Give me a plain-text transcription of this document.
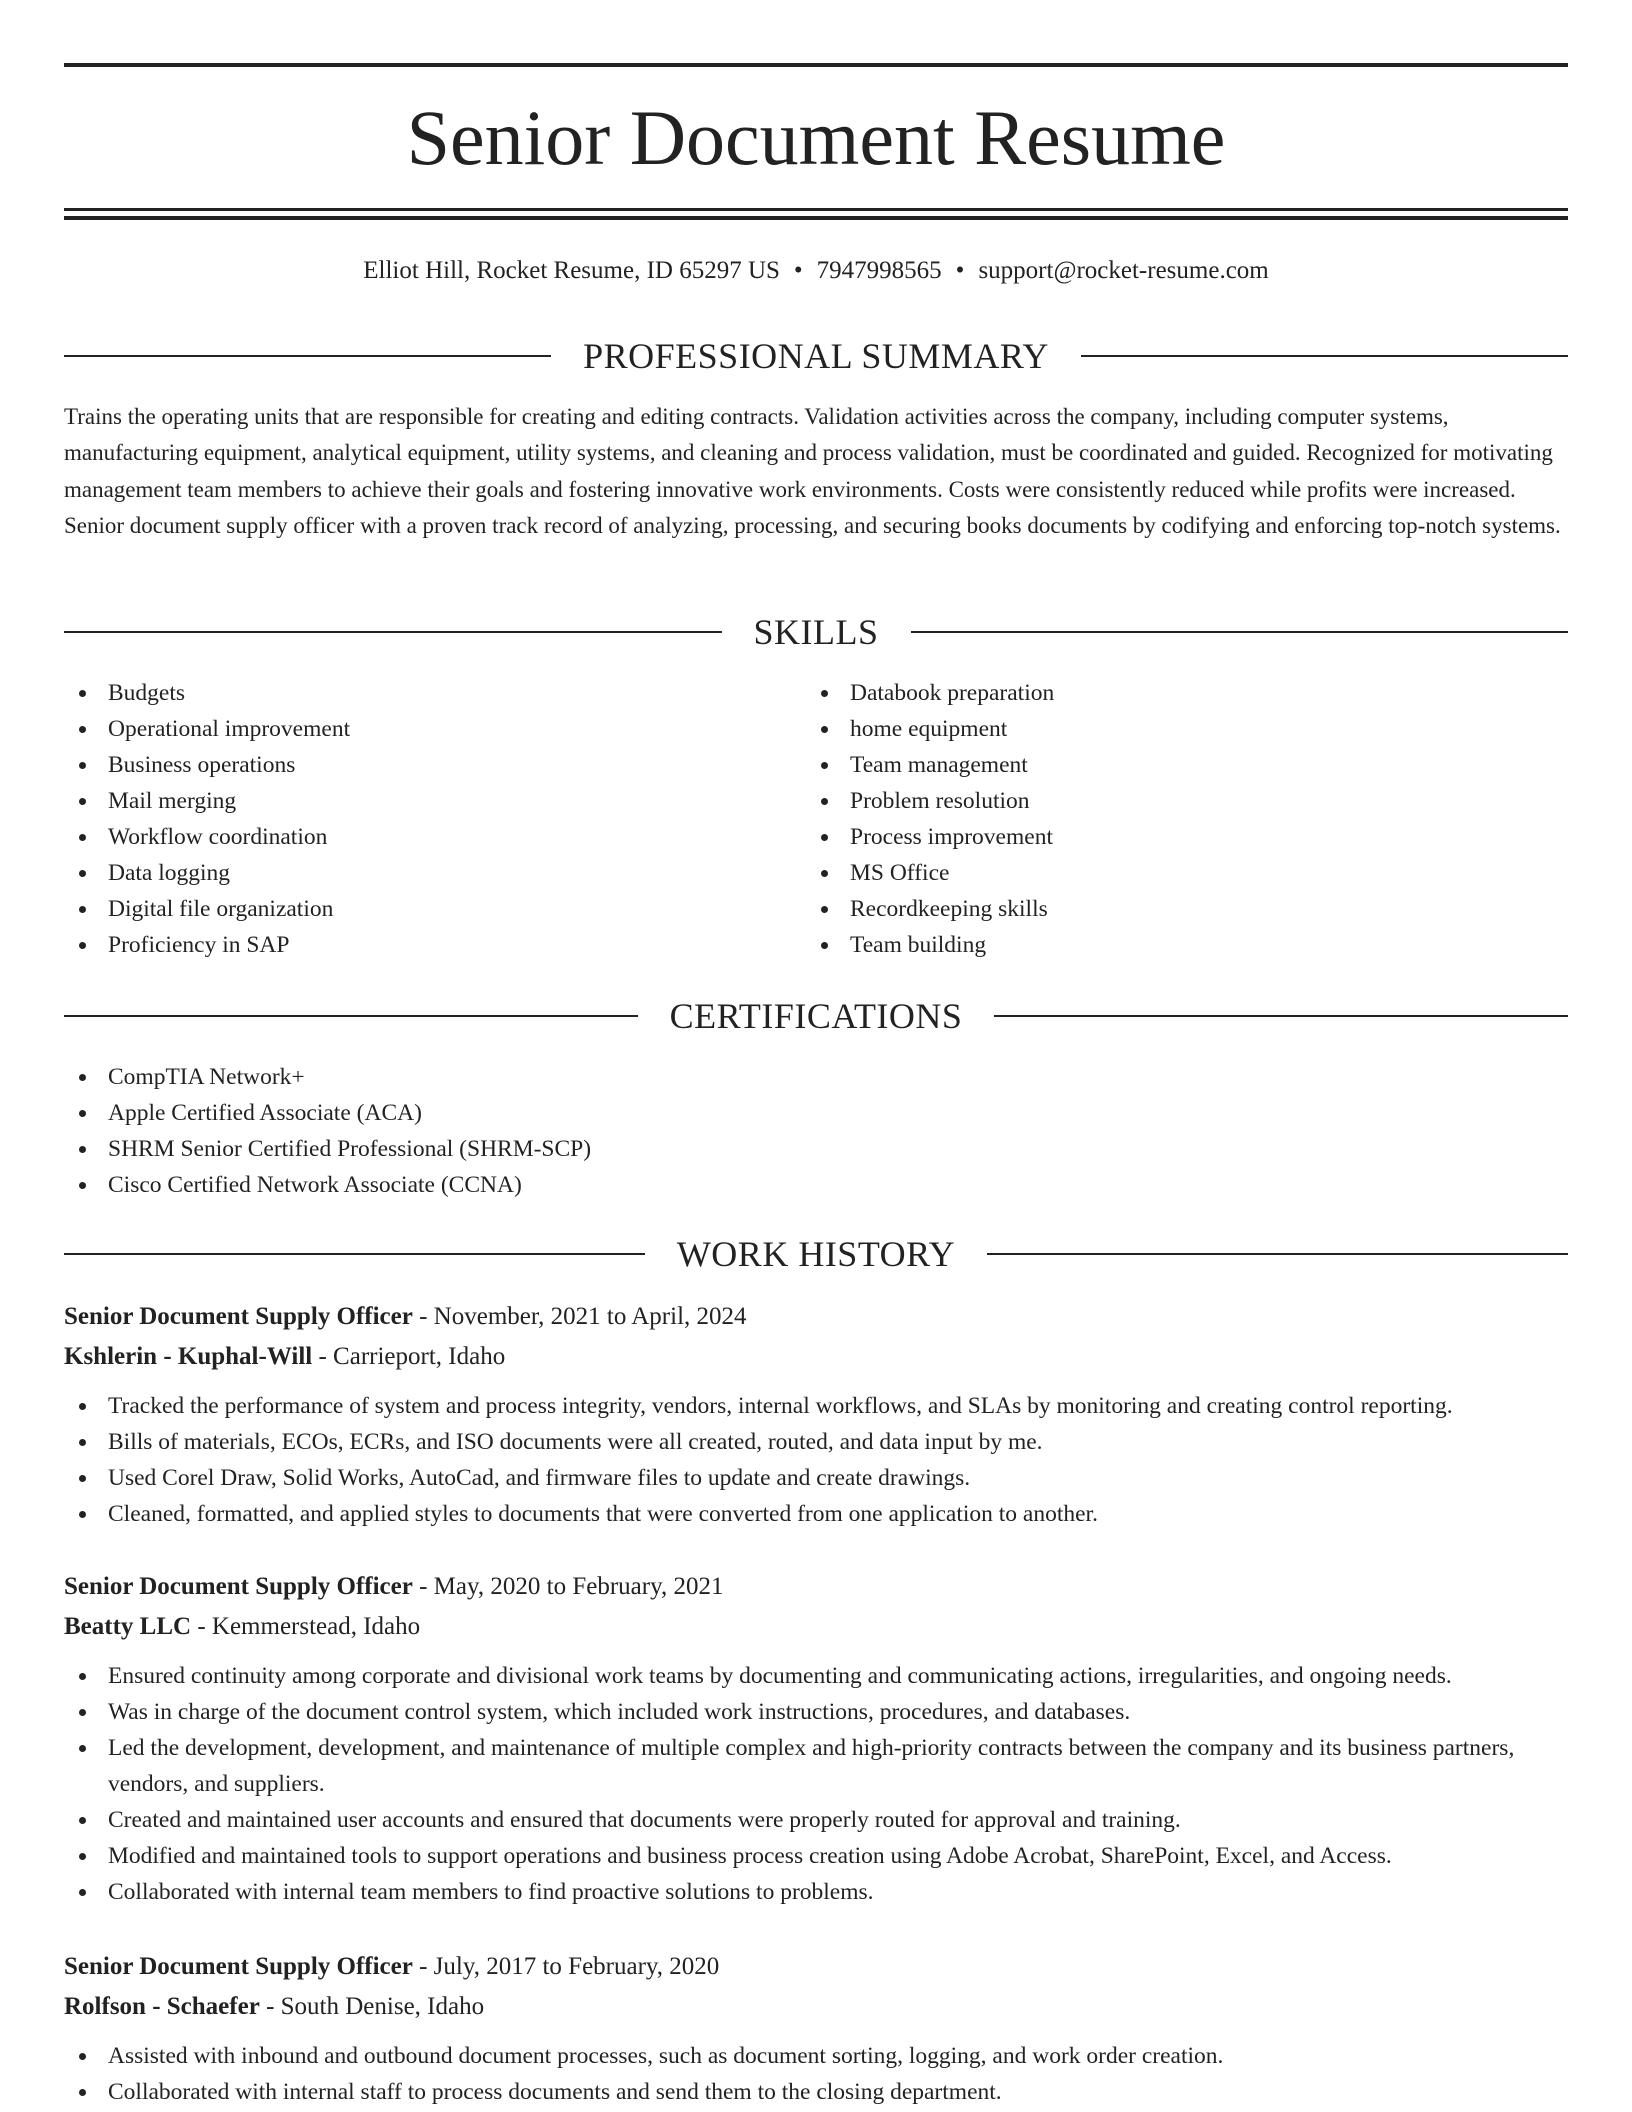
Senior Document Resume
Elliot Hill, Rocket Resume, ID 65297 US • 7947998565 • support@rocket-resume.com
PROFESSIONAL SUMMARY

Trains the operating units that are responsible for creating and editing contracts. Validation activities across the company, including computer systems, manufacturing equipment, analytical equipment, utility systems, and cleaning and process validation, must be coordinated and guided. Recognized for motivating management team members to achieve their goals and fostering innovative work environments. Costs were consistently reduced while profits were increased. Senior document supply officer with a proven track record of analyzing, processing, and securing books documents by codifying and enforcing top-notch systems.

SKILLS
Budgets
Operational improvement
Business operations
Mail merging
Workflow coordination
Data logging
Digital file organization
Proficiency in SAP
Databook preparation
home equipment
Team management
Problem resolution
Process improvement
MS Office
Recordkeeping skills
Team building
CERTIFICATIONS
CompTIA Network+
Apple Certified Associate (ACA)
SHRM Senior Certified Professional (SHRM-SCP)
Cisco Certified Network Associate (CCNA)
WORK HISTORY
Senior Document Supply Officer - November, 2021 to April, 2024
Kshlerin - Kuphal-Will - Carrieport, Idaho
Tracked the performance of system and process integrity, vendors, internal workflows, and SLAs by monitoring and creating control reporting.
Bills of materials, ECOs, ECRs, and ISO documents were all created, routed, and data input by me.
Used Corel Draw, Solid Works, AutoCad, and firmware files to update and create drawings.
Cleaned, formatted, and applied styles to documents that were converted from one application to another.
Senior Document Supply Officer - May, 2020 to February, 2021
Beatty LLC - Kemmerstead, Idaho
Ensured continuity among corporate and divisional work teams by documenting and communicating actions, irregularities, and ongoing needs.
Was in charge of the document control system, which included work instructions, procedures, and databases.
Led the development, development, and maintenance of multiple complex and high-priority contracts between the company and its business partners, vendors, and suppliers.
Created and maintained user accounts and ensured that documents were properly routed for approval and training.
Modified and maintained tools to support operations and business process creation using Adobe Acrobat, SharePoint, Excel, and Access.
Collaborated with internal team members to find proactive solutions to problems.
Senior Document Supply Officer - July, 2017 to February, 2020
Rolfson - Schaefer - South Denise, Idaho
Assisted with inbound and outbound document processes, such as document sorting, logging, and work order creation.
Collaborated with internal staff to process documents and send them to the closing department.
